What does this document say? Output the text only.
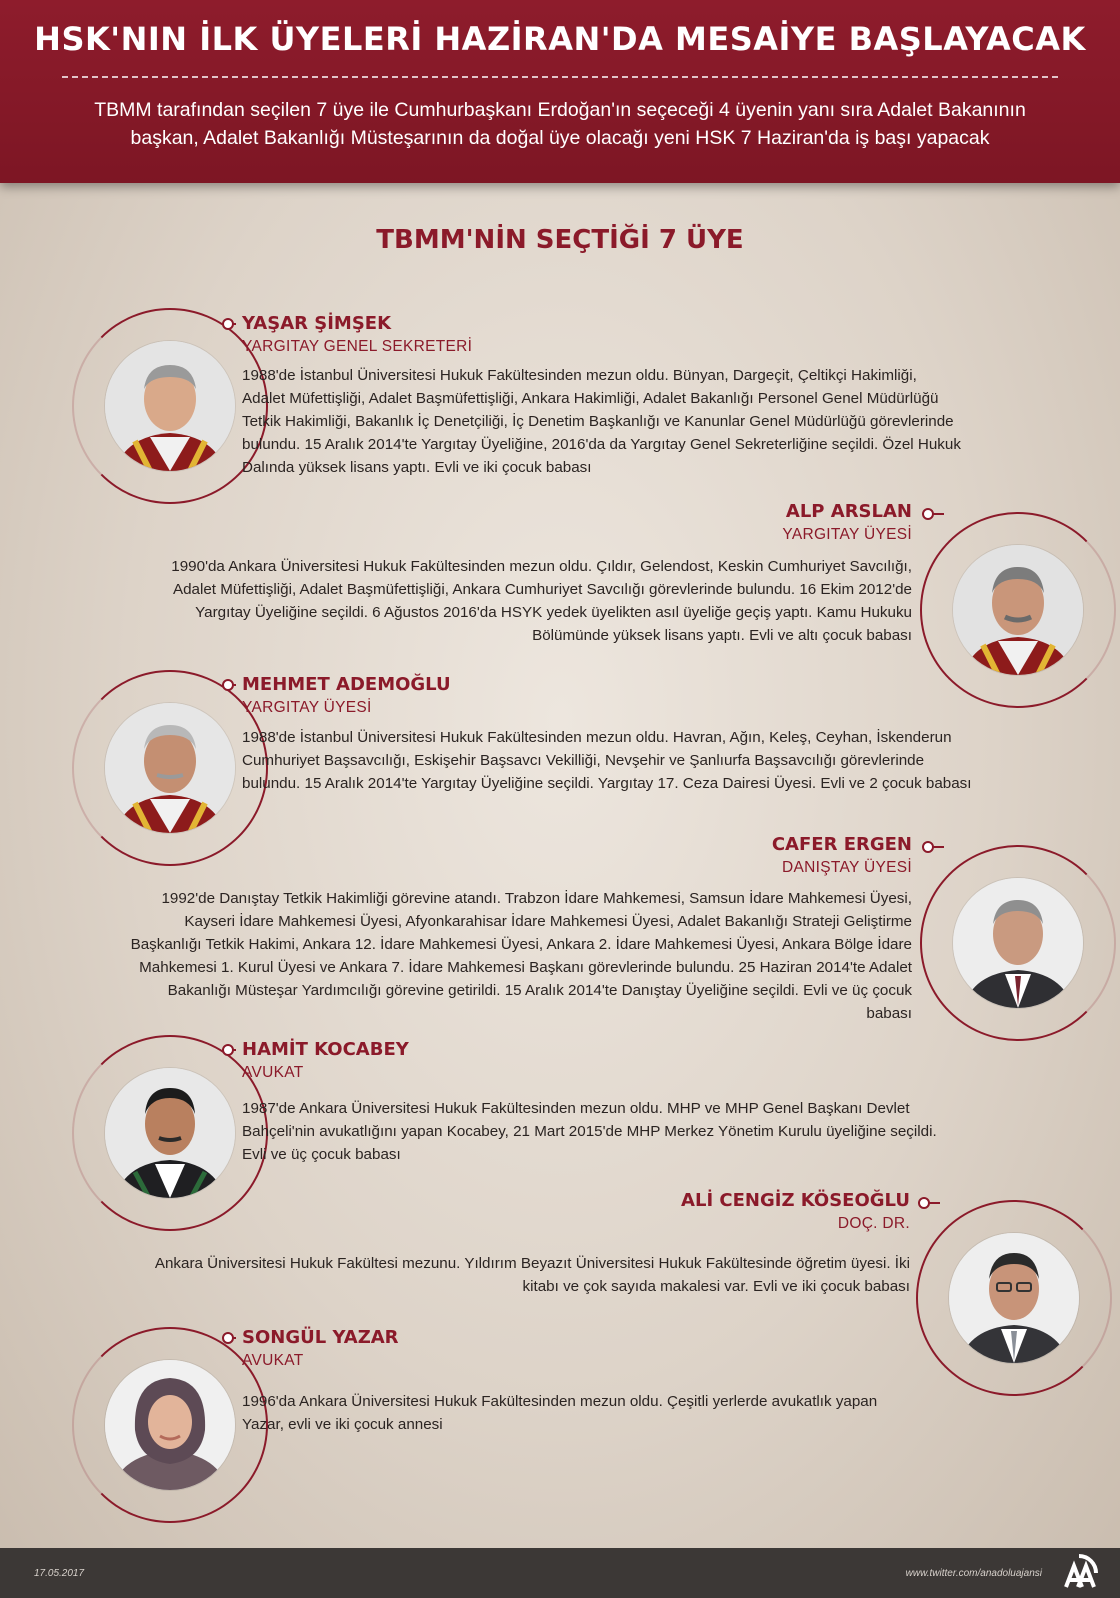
HSK'NIN İLK ÜYELERİ HAZİRAN'DA MESAİYE BAŞLAYACAK
TBMM tarafından seçilen 7 üye ile Cumhurbaşkanı Erdoğan'ın seçeceği 4 üyenin yanı sıra Adalet Bakanının
başkan, Adalet Bakanlığı Müsteşarının da doğal üye olacağı yeni HSK 7 Haziran'da iş başı yapacak
TBMM'NİN SEÇTİĞİ 7 ÜYE
YAŞAR ŞİMŞEK
YARGITAY GENEL SEKRETERİ
1988'de İstanbul Üniversitesi Hukuk Fakültesinden mezun oldu. Bünyan, Dargeçit, Çeltikçi Hakimliği, Adalet Müfettişliği, Adalet Başmüfettişliği, Ankara Hakimliği, Adalet Bakanlığı Personel Genel Müdürlüğü Tetkik Hakimliği, Bakanlık İç Denetçiliği, İç Denetim Başkanlığı ve Kanunlar Genel Müdürlüğü görevlerinde bulundu. 15 Aralık 2014'te Yargıtay Üyeliğine, 2016'da da Yargıtay Genel Sekreterliğine seçildi. Özel Hukuk Dalında yüksek lisans yaptı. Evli ve iki çocuk babası
ALP ARSLAN
YARGITAY ÜYESİ
1990'da Ankara Üniversitesi Hukuk Fakültesinden mezun oldu. Çıldır, Gelendost, Keskin Cumhuriyet Savcılığı, Adalet Müfettişliği, Adalet Başmüfettişliği, Ankara Cumhuriyet Savcılığı görevlerinde bulundu. 16 Ekim 2012'de Yargıtay Üyeliğine seçildi. 6 Ağustos 2016'da HSYK yedek üyelikten asıl üyeliğe geçiş yaptı. Kamu Hukuku Bölümünde yüksek lisans yaptı. Evli ve altı çocuk babası
MEHMET ADEMOĞLU
YARGITAY ÜYESİ
1988'de İstanbul Üniversitesi Hukuk Fakültesinden mezun oldu. Havran, Ağın, Keleş, Ceyhan, İskenderun Cumhuriyet Başsavcılığı, Eskişehir Başsavcı Vekilliği, Nevşehir ve Şanlıurfa Başsavcılığı görevlerinde bulundu. 15 Aralık 2014'te Yargıtay Üyeliğine seçildi. Yargıtay 17. Ceza Dairesi Üyesi. Evli ve 2 çocuk babası
CAFER ERGEN
DANIŞTAY ÜYESİ
1992'de Danıştay Tetkik Hakimliği görevine atandı. Trabzon İdare Mahkemesi, Samsun İdare Mahkemesi Üyesi, Kayseri İdare Mahkemesi Üyesi, Afyonkarahisar İdare Mahkemesi Üyesi, Adalet Bakanlığı Strateji Geliştirme Başkanlığı Tetkik Hakimi, Ankara 12. İdare Mahkemesi Üyesi, Ankara 2. İdare Mahkemesi Üyesi, Ankara Bölge İdare Mahkemesi 1. Kurul Üyesi ve Ankara 7. İdare Mahkemesi Başkanı görevlerinde bulundu. 25 Haziran 2014'te Adalet Bakanlığı Müsteşar Yardımcılığı görevine getirildi. 15 Aralık 2014'te Danıştay Üyeliğine seçildi. Evli ve üç çocuk babası
HAMİT KOCABEY
AVUKAT
1987'de Ankara Üniversitesi Hukuk Fakültesinden mezun oldu. MHP ve MHP Genel Başkanı Devlet Bahçeli'nin avukatlığını yapan Kocabey, 21 Mart 2015'de MHP Merkez Yönetim Kurulu üyeliğine seçildi. Evli ve üç çocuk babası
ALİ CENGİZ KÖSEOĞLU
DOÇ. DR.
Ankara Üniversitesi Hukuk Fakültesi mezunu. Yıldırım Beyazıt Üniversitesi Hukuk Fakültesinde öğretim üyesi. İki kitabı ve çok sayıda makalesi var. Evli ve iki çocuk babası
SONGÜL YAZAR
AVUKAT
1996'da Ankara Üniversitesi Hukuk Fakültesinden mezun oldu. Çeşitli yerlerde avukatlık yapan Yazar, evli ve iki çocuk annesi
17.05.2017	www.twitter.com/anadoluajansi
